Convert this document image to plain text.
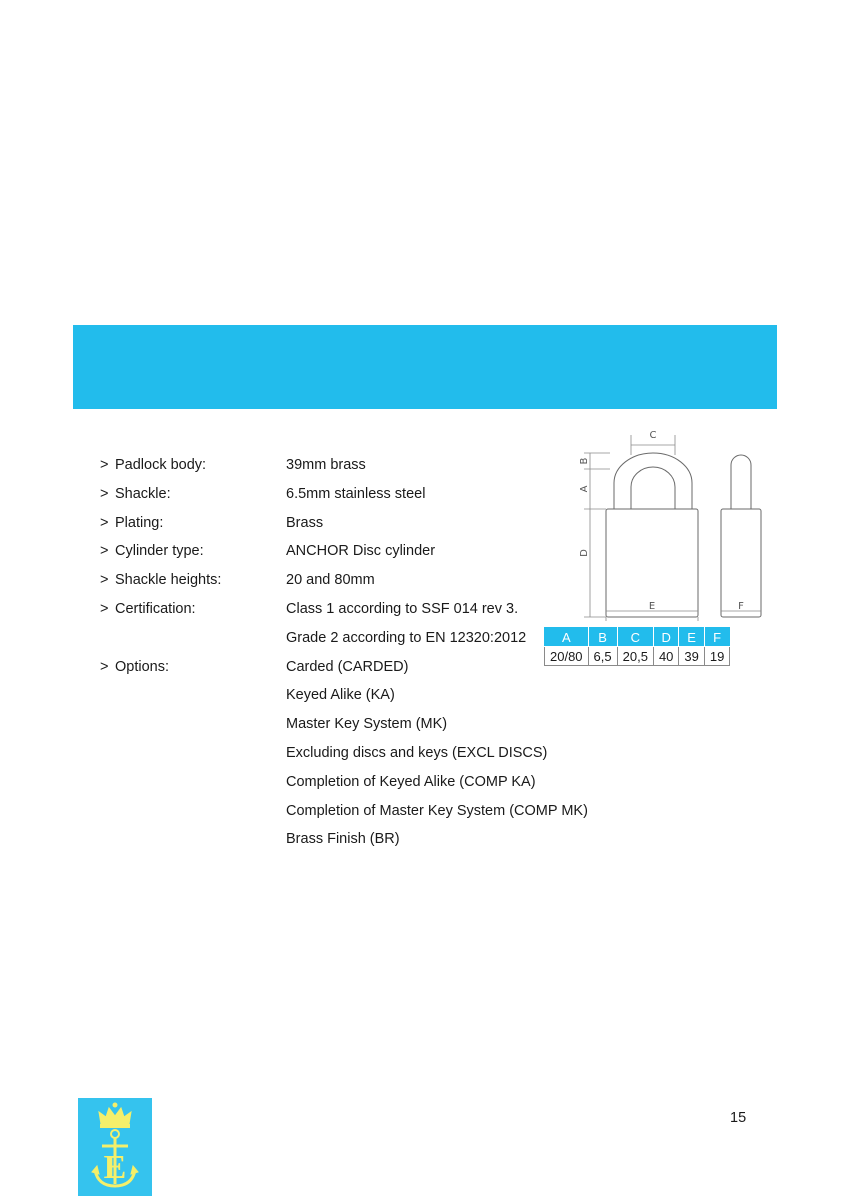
> Padlock body:	39mm brass
> Shackle:	6.5mm stainless steel
> Plating:	Brass
> Cylinder type:	ANCHOR Disc cylinder
> Shackle heights:	20 and 80mm
> Certification:	Class 1 according to SSF 014 rev 3.
Grade 2 according to EN 12320:2012
> Options:	Carded (CARDED)
Keyed Alike (KA)
Master Key System (MK)
Excluding discs and keys (EXCL DISCS)
Completion of Keyed Alike (COMP KA)
Completion of Master Key System (COMP MK)
Brass Finish (BR)
C
B
A
D
E	F
A	B	C	D	E	F
20/80	6,5	20,5	40	39	19
E
15
